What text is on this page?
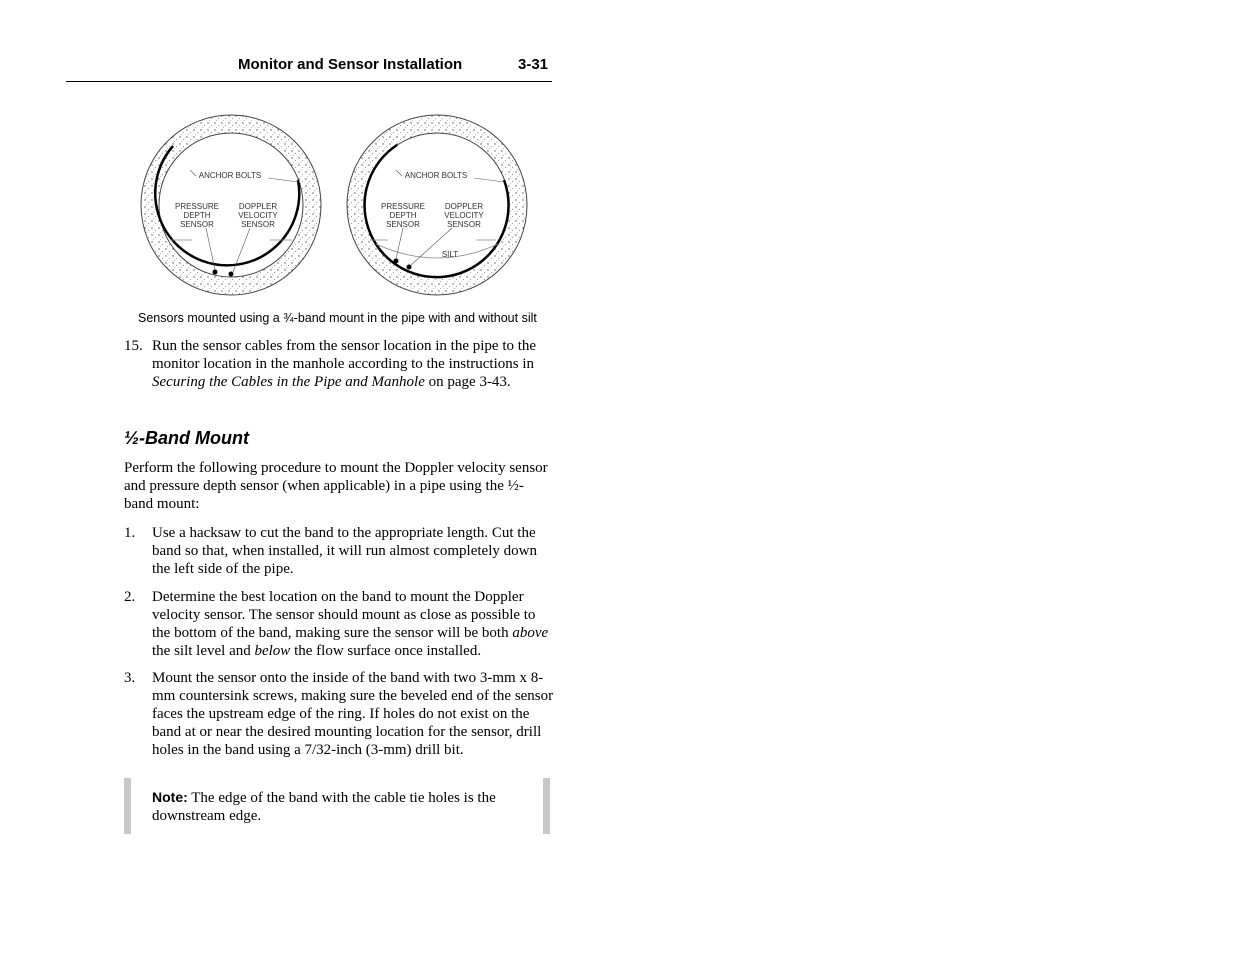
Monitor and Sensor Installation	3-31
ANCHOR BOLTS
PRESSURE
DEPTH
SENSOR
DOPPLER
VELOCITY
SENSOR
ANCHOR BOLTS
PRESSURE
DEPTH
SENSOR
DOPPLER
VELOCITY
SENSOR
SILT
Sensors mounted using a ¾-band mount in the pipe with and without silt
15. Run the sensor cables from the sensor location in the pipe to the monitor location in the manhole according to the instructions in Securing the Cables in the Pipe and Manhole on page 3-43.
½-Band Mount
Perform the following procedure to mount the Doppler velocity sensor and pressure depth sensor (when applicable) in a pipe using the ½-band mount:
1. Use a hacksaw to cut the band to the appropriate length. Cut the band so that, when installed, it will run almost completely down the left side of the pipe.
2. Determine the best location on the band to mount the Doppler velocity sensor. The sensor should mount as close as possible to the bottom of the band, making sure the sensor will be both above the silt level and below the flow surface once installed.
3. Mount the sensor onto the inside of the band with two 3-mm x 8-mm countersink screws, making sure the beveled end of the sensor faces the upstream edge of the ring. If holes do not exist on the band at or near the desired mounting location for the sensor, drill holes in the band using a 7/32-inch (3-mm) drill bit.
Note: The edge of the band with the cable tie holes is the downstream edge.
